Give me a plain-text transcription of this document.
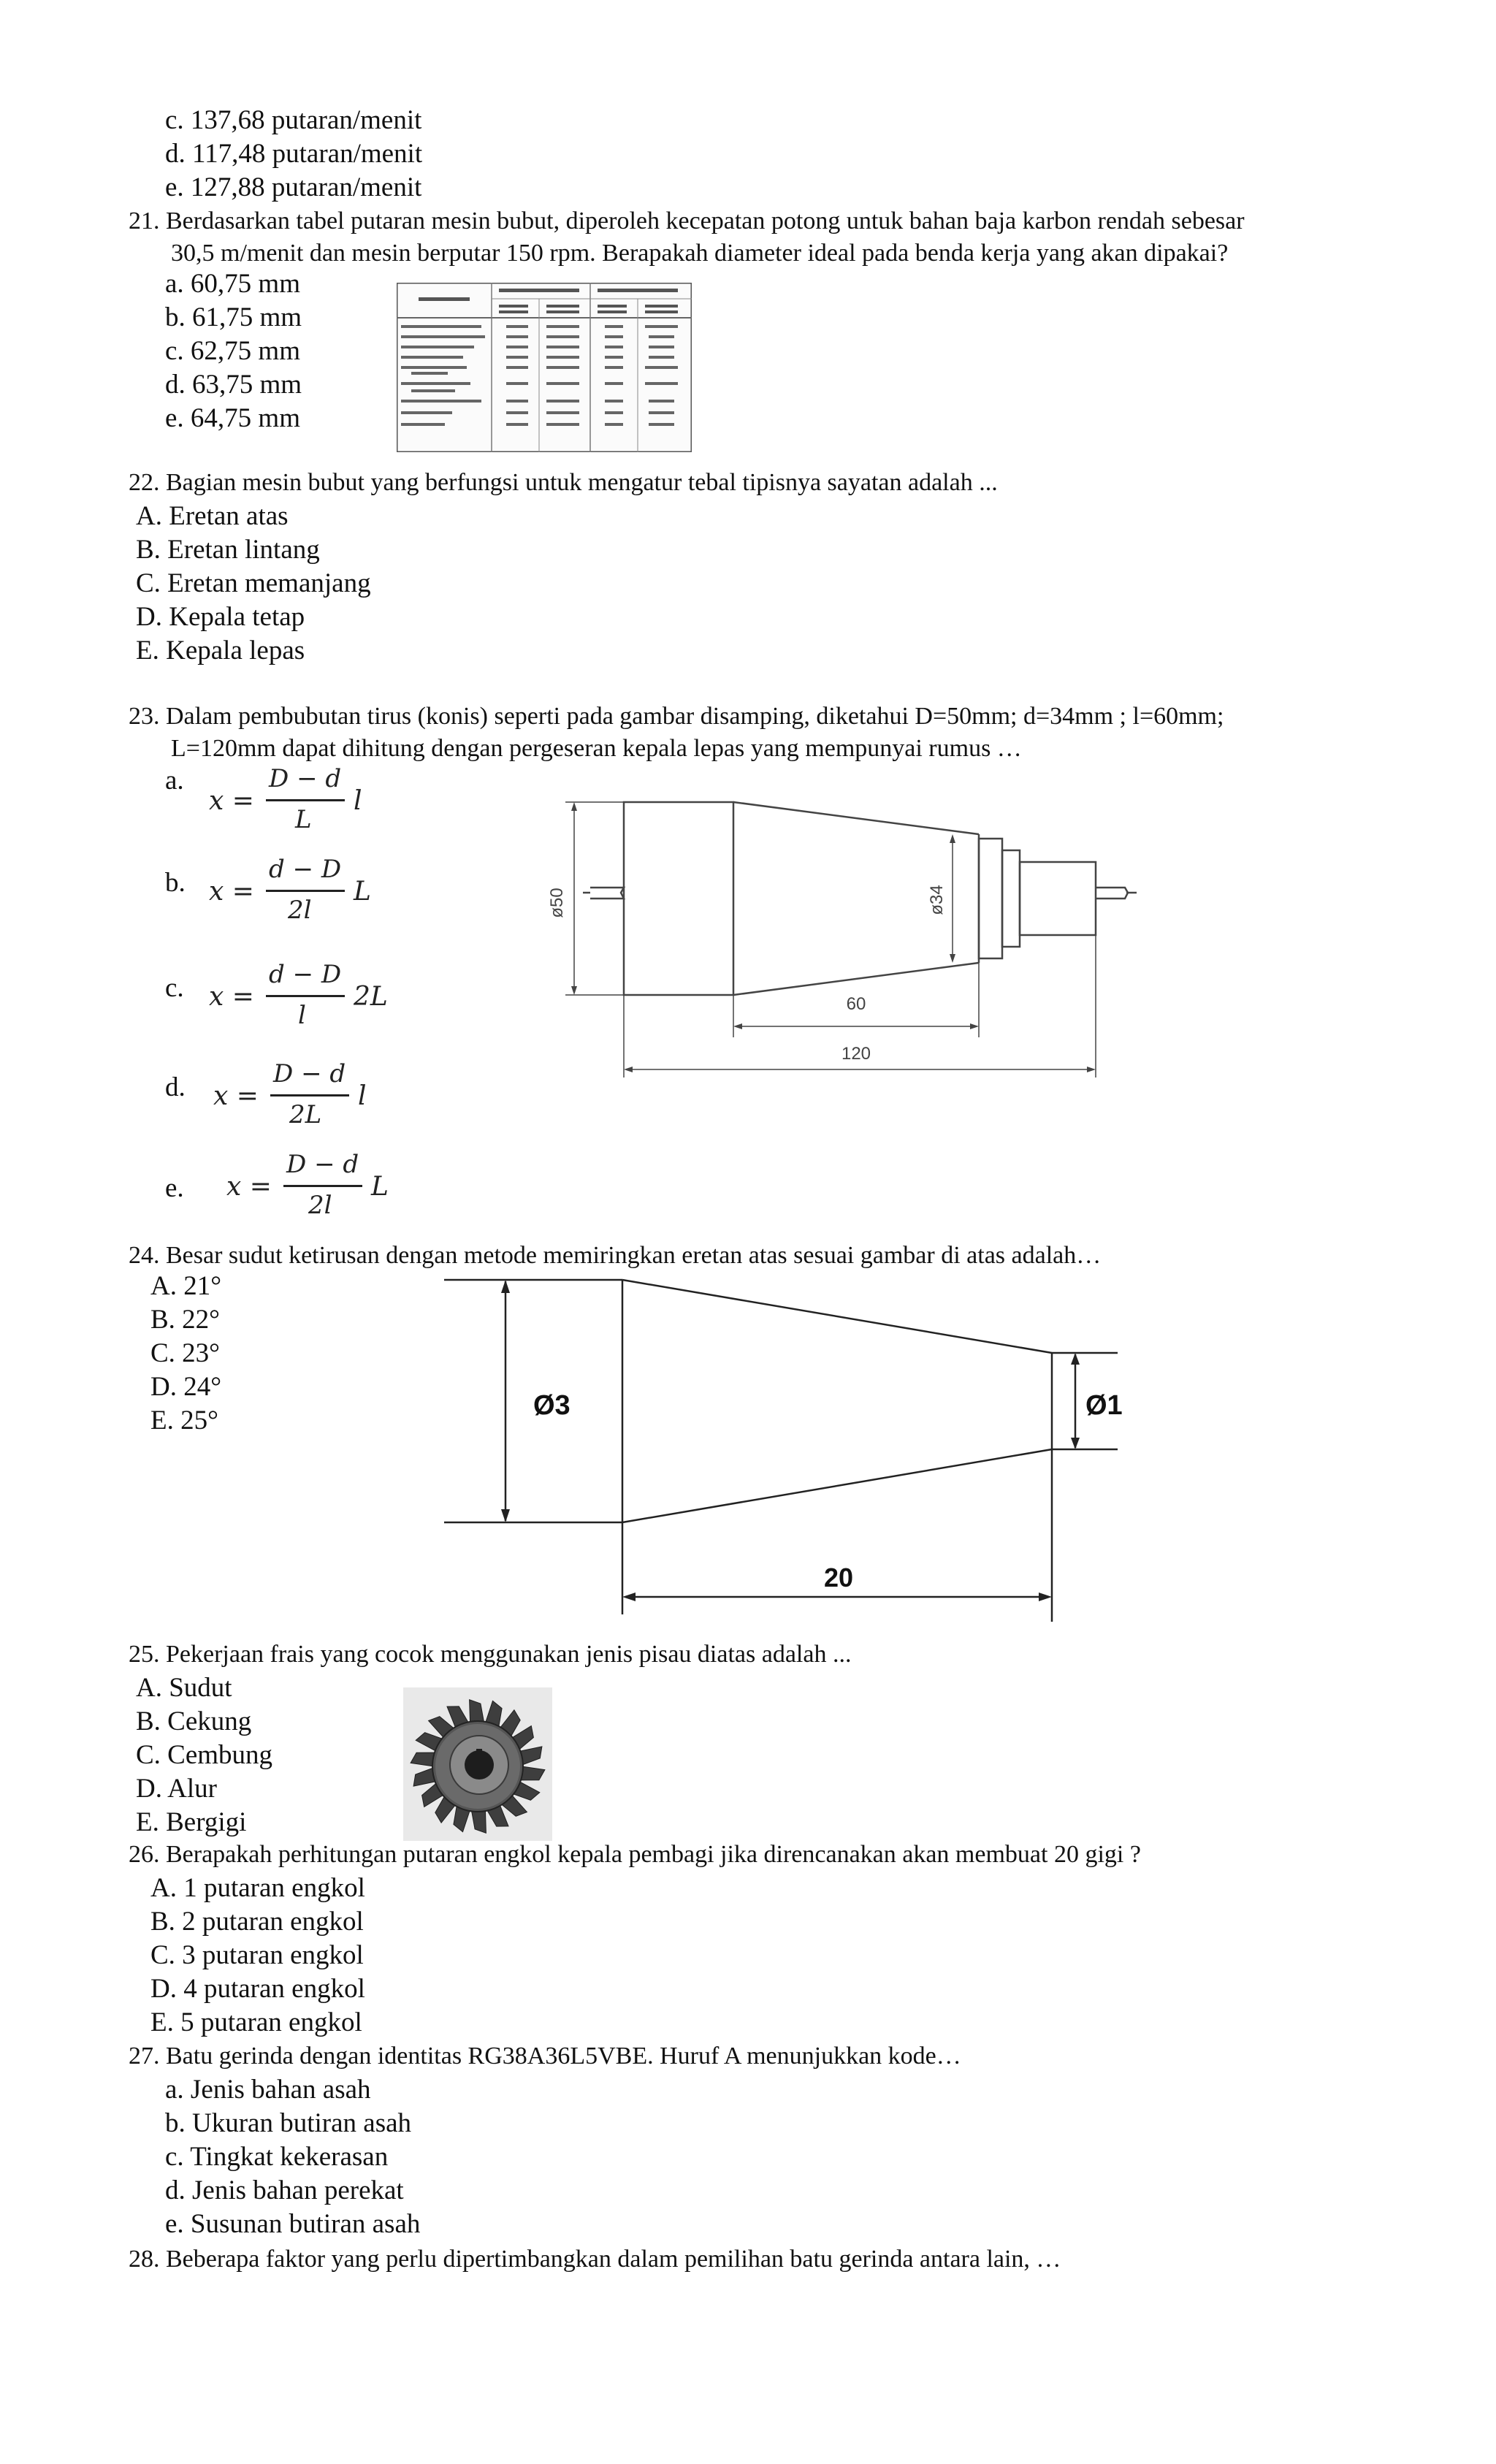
c. 137,68 putaran/menit
d. 117,48 putaran/menit
e. 127,88 putaran/menit
21. Berdasarkan tabel putaran mesin bubut, diperoleh kecepatan potong untuk bahan baja karbon rendah sebesar
30,5 m/menit dan mesin berputar 150 rpm. Berapakah diameter ideal pada benda kerja yang akan dipakai?
a. 60,75 mm
b. 61,75 mm
c. 62,75 mm
d. 63,75 mm
e. 64,75 mm
22. Bagian mesin bubut yang berfungsi untuk mengatur tebal tipisnya sayatan adalah ...
A. Eretan atas
B. Eretan lintang
C. Eretan memanjang
D. Kepala tetap
E. Kepala lepas
23. Dalam pembubutan tirus (konis) seperti pada gambar disamping, diketahui D=50mm; d=34mm ; l=60mm;
L=120mm dapat dihitung dengan pergeseran kepala lepas yang mempunyai rumus …
a.
x =
D − d
L
l
b. x =
d − D
2l
L
c. x =
d − D
l
2L
d. x =
D − d
2L
l
e. x =
D − d
2l
L
ø50	ø34
60
120
24. Besar sudut ketirusan dengan metode memiringkan eretan atas sesuai gambar di atas adalah…
A. 21°
B. 22°
C. 23°
D. 24°
E. 25°	Ø3	Ø1
20
25. Pekerjaan frais yang cocok menggunakan jenis pisau diatas adalah ...
A. Sudut
B. Cekung
C. Cembung
D. Alur
E. Bergigi
26. Berapakah perhitungan putaran engkol kepala pembagi jika direncanakan akan membuat 20 gigi ?
A. 1 putaran engkol
B. 2 putaran engkol
C. 3 putaran engkol
D. 4 putaran engkol
E. 5 putaran engkol
27. Batu gerinda dengan identitas RG38A36L5VBE. Huruf A menunjukkan kode…
a. Jenis bahan asah
b. Ukuran butiran asah
c. Tingkat kekerasan
d. Jenis bahan perekat
e. Susunan butiran asah
28. Beberapa faktor yang perlu dipertimbangkan dalam pemilihan batu gerinda antara lain, …
